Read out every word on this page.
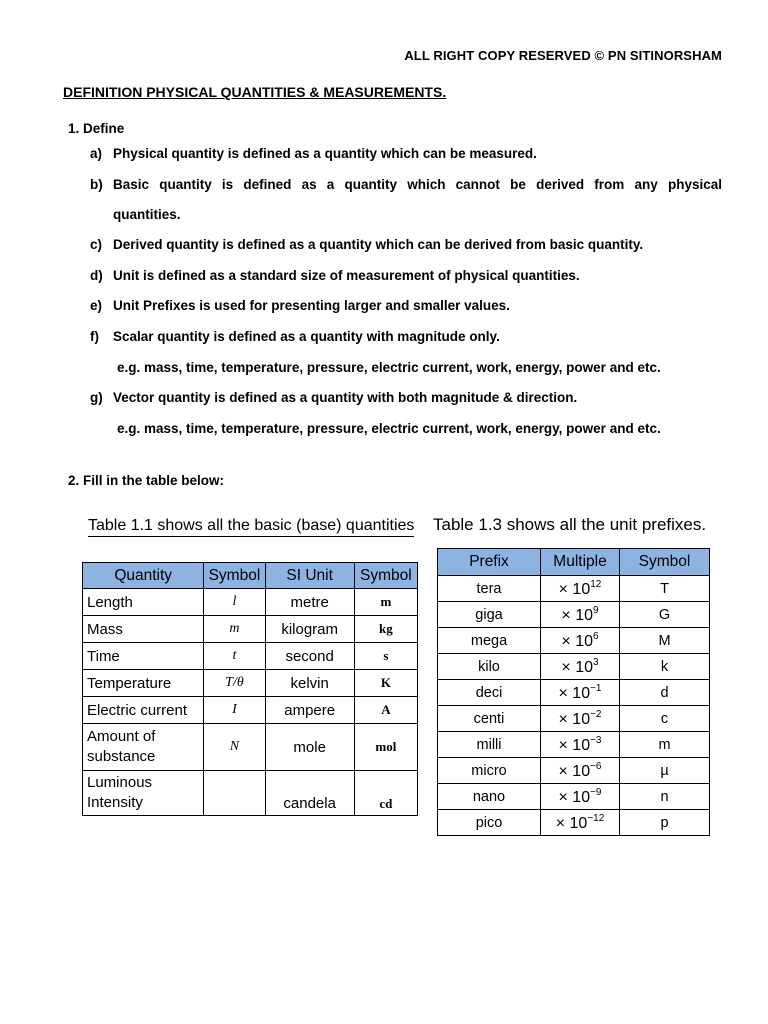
ALL RIGHT COPY RESERVED © PN SITINORSHAM
DEFINITION PHYSICAL QUANTITIES & MEASUREMENTS.
1. Define
a) Physical quantity is defined as a quantity which can be measured.
b) Basic quantity is defined as a quantity which cannot be derived from any physical
quantities.
c) Derived quantity is defined as a quantity which can be derived from basic quantity.
d) Unit is defined as a standard size of measurement of physical quantities.
e) Unit Prefixes is used for presenting larger and smaller values.
f) Scalar quantity is defined as a quantity with magnitude only.
e.g. mass, time, temperature, pressure, electric current, work, energy, power and etc.
g) Vector quantity is defined as a quantity with both magnitude & direction.
e.g. mass, time, temperature, pressure, electric current, work, energy, power and etc.
2. Fill in the table below:
Table 1.1 shows all the basic (base) quantities Table 1.3 shows all the unit prefixes.
Quantity	Symbol	SI Unit	Symbol
Length	l	metre	m
Mass	m	kilogram	kg
Time	t	second	s
Temperature	T/θ	kelvin	K
Electric current	I	ampere	A
Amount of
substance	N	mole	mol
Luminous
Intensity		candela	cd
Prefix	Multiple	Symbol
tera	× $10^{12}$	T
giga	× $10^9$	G
mega	× $10^6$	M
kilo	× $10^3$	k
deci	× $10^{-1}$	d
centi	× $10^{-2}$	c
milli	× $10^{-3}$	m
micro	× $10^{-6}$	µ
nano	× $10^{-9}$	n
pico	× $10^{-12}$	p
